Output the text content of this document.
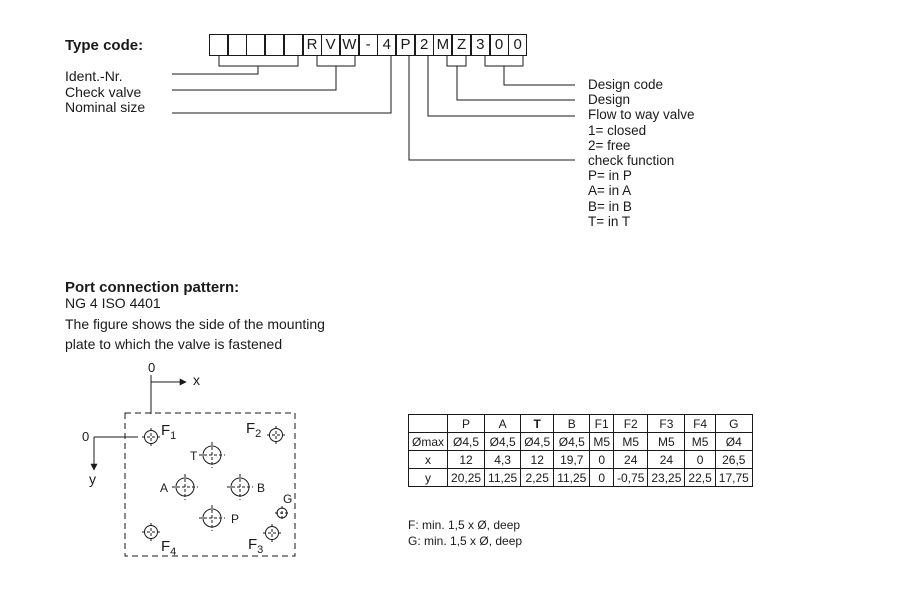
Type code:	R V W - 4 P 2 M Z 3 0 0
Ident.-Nr.
Check valve
Nominal size
Design code
Design
Flow to way valve
1= closed
2= free
check function
P= in P
A= in A
B= in B
T= in T
Port connection pattern:
NG 4 ISO 4401
The figure shows the side of the mounting
plate to which the valve is fastened
0
x
0
y
$F_1$	$F_2$
$F_4$	$F_3$
T
A	B
P
G
	P	A	T	B	F1	F2	F3	F4	G
Ømax	Ø4,5	Ø4,5	Ø4,5	Ø4,5	M5	M5	M5	M5	Ø4
x	12	4,3	12	19,7	0	24	24	0	26,5
y	20,25	11,25	2,25	11,25	0	-0,75	23,25	22,5	17,75
F: min. 1,5 x Ø, deep
G: min. 1,5 x Ø, deep
